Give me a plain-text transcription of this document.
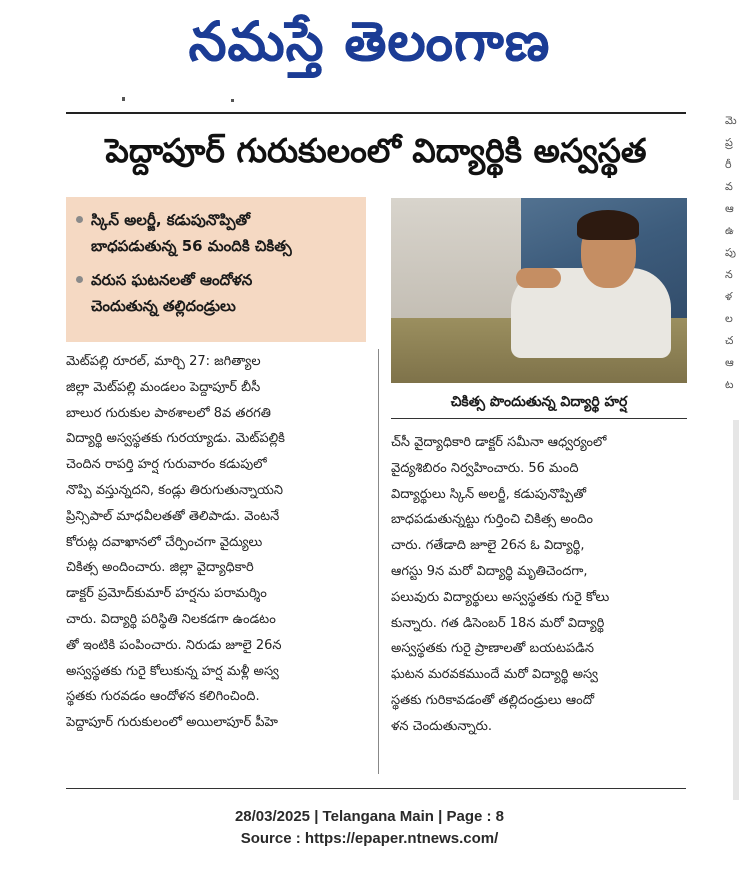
నమస్తే తెలంగాణ
పెద్దాపూర్ గురుకులంలో విద్యార్థికి అస్వస్థత
స్కిన్ అలర్జీ, కడుపునొప్పితో
బాధపడుతున్న 56 మందికి చికిత్స
వరుస ఘటనలతో ఆందోళన
చెందుతున్న తల్లిదండ్రులు
చికిత్స పొందుతున్న విద్యార్థి హర్ష

మెట్‌పల్లి రూరల్, మార్చి 27: జగిత్యాల

జిల్లా మెట్‌పల్లి మండలం పెద్దాపూర్ బీసీ

బాలుర గురుకుల పాఠశాలలో 8వ తరగతి

విద్యార్థి అస్వస్థతకు గురయ్యాడు. మెట్‌పల్లికి

చెందిన రాపర్తి హర్ష గురువారం కడుపులో

నొప్పి వస్తున్నదని, కండ్లు తిరుగుతున్నాయని

ప్రిన్సిపాల్ మాధవీలతతో తెలిపాడు. వెంటనే

కోరుట్ల దవాఖానలో చేర్పించగా వైద్యులు

చికిత్స అందించారు. జిల్లా వైద్యాధికారి

డాక్టర్ ప్రమోద్‌కుమార్ హర్షను పరామర్శిం

చారు. విద్యార్థి పరిస్థితి నిలకడగా ఉండటం

తో ఇంటికి పంపించారు. నిరుడు జూలై 26న

అస్వస్థతకు గురై కోలుకున్న హర్ష మళ్లీ అస్వ

స్థతకు గురవడం ఆందోళన కలిగించింది.

పెద్దాపూర్ గురుకులంలో అయిలాపూర్ పీహె

చ్‌సీ వైద్యాధికారి డాక్టర్ సమీనా ఆధ్వర్యంలో

వైద్యశిబిరం నిర్వహించారు. 56 మంది

విద్యార్థులు స్కిన్ అలర్జీ, కడుపునొప్పితో

బాధపడుతున్నట్టు గుర్తించి చికిత్స అందిం

చారు. గతేడాది జూలై 26న ఓ విద్యార్థి,

ఆగస్టు 9న మరో విద్యార్థి మృతిచెందగా,

పలువురు విద్యార్థులు అస్వస్థతకు గురై కోలు

కున్నారు. గత డిసెంబర్ 18న మరో విద్యార్థి

అస్వస్థతకు గురై ప్రాణాలతో బయటపడిన

ఘటన మరవకముందే మరో విద్యార్థి అస్వ

స్థతకు గురికావడంతో తల్లిదండ్రులు ఆందో

ళన చెందుతున్నారు.

28/03/2025 | Telangana Main | Page : 8
Source : https://epaper.ntnews.com/
మె
ప్ర
రీ
వ
ఆ
ఉ
పు
న
ళ
ల
చ
ఆ
ట
